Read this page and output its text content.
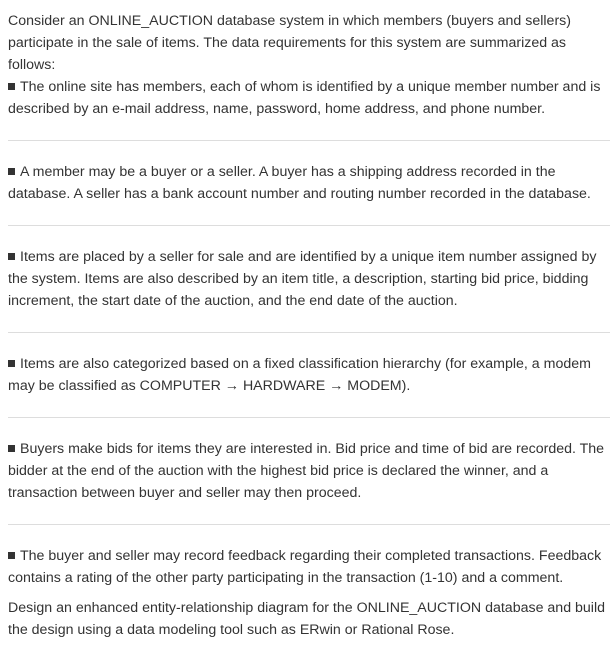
Consider an ONLINE_AUCTION database system in which members (buyers and sellers) participate in the sale of items. The data requirements for this system are summarized as follows:

The online site has members, each of whom is identified by a unique member number and is described by an e-mail address, name, password, home address, and phone number.

A member may be a buyer or a seller. A buyer has a shipping address recorded in the database. A seller has a bank account number and routing number recorded in the database.

Items are placed by a seller for sale and are identified by a unique item number assigned by the system. Items are also described by an item title, a description, starting bid price, bidding increment, the start date of the auction, and the end date of the auction.

Items are also categorized based on a fixed classification hierarchy (for example, a modem may be classified as COMPUTER → HARDWARE → MODEM).

Buyers make bids for items they are interested in. Bid price and time of bid are recorded. The bidder at the end of the auction with the highest bid price is declared the winner, and a transaction between buyer and seller may then proceed.

The buyer and seller may record feedback regarding their completed transactions. Feedback contains a rating of the other party participating in the transaction (1-10) and a comment.

Design an enhanced entity-relationship diagram for the ONLINE_AUCTION database and build the design using a data modeling tool such as ERwin or Rational Rose.
